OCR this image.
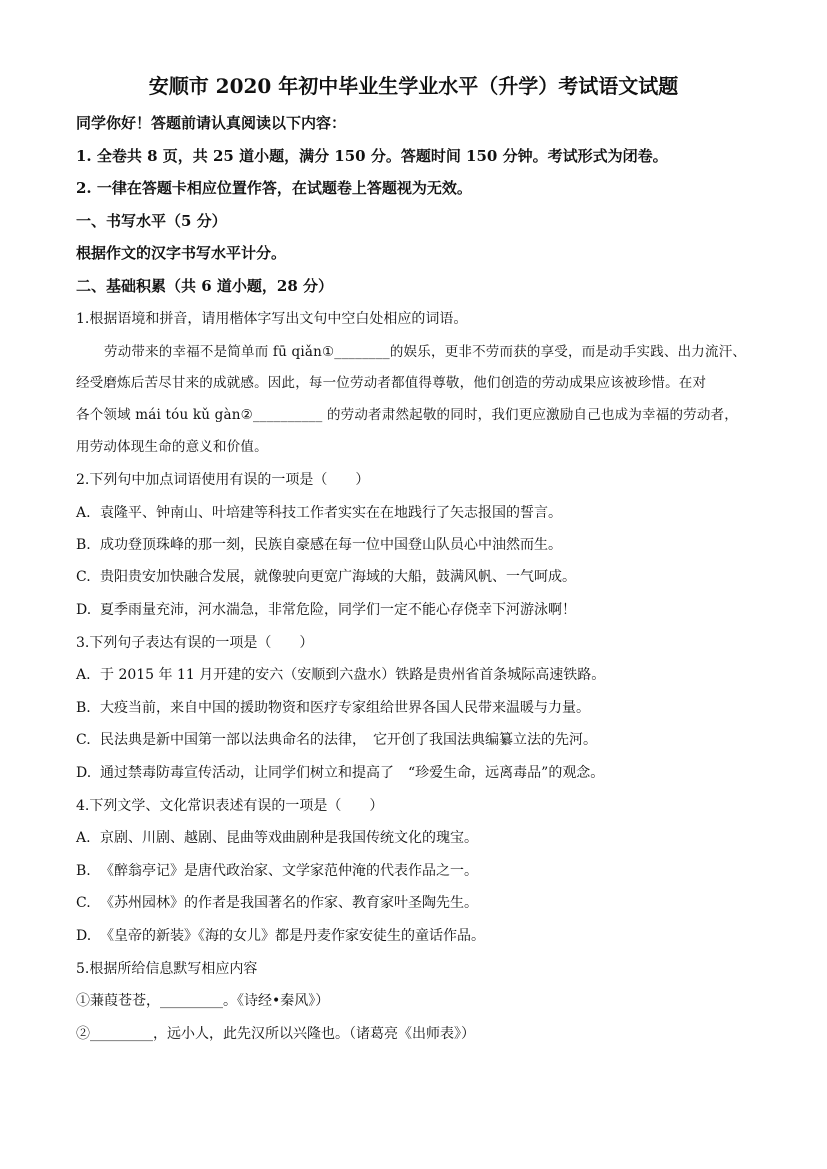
安顺市 2020 年初中毕业生学业水平（升学）考试语文试题
同学你好！答题前请认真阅读以下内容：
1. 全卷共 8 页，共 25 道小题，满分 150 分。答题时间 150 分钟。考试形式为闭卷。
2. 一律在答题卡相应位置作答，在试题卷上答题视为无效。
一、书写水平（5 分）
根据作文的汉字书写水平计分。
二、基础积累（共 6 道小题，28 分）
1.根据语境和拼音，请用楷体字写出文句中空白处相应的词语。
劳动带来的幸福不是简单而 fū qiǎn①________的娱乐，更非不劳而获的享受，而是动手实践、出力流汗、
经受磨炼后苦尽甘来的成就感。因此，每一位劳动者都值得尊敬，他们创造的劳动成果应该被珍惜。在对
各个领域 mái tóu kǔ gàn②__________ 的劳动者肃然起敬的同时，我们更应激励自己也成为幸福的劳动者，
用劳动体现生命的意义和价值。
2.下列句中加点词语使用有误的一项是（　　）
A. 袁隆平、钟南山、叶培建等科技工作者实实在在地践行了矢志报国的誓言。
B. 成功登顶珠峰的那一刻，民族自豪感在每一位中国登山队员心中油然而生。
C. 贵阳贵安加快融合发展，就像驶向更宽广海域的大船，鼓满风帆、一气呵成。
D. 夏季雨量充沛，河水湍急，非常危险，同学们一定不能心存侥幸下河游泳啊！
3.下列句子表达有误的一项是（　　）
A. 于 2015 年 11 月开建的安六（安顺到六盘水）铁路是贵州省首条城际高速铁路。
B. 大疫当前，来自中国的援助物资和医疗专家组给世界各国人民带来温暖与力量。
C. 民法典是新中国第一部以法典命名的法律，　它开创了我国法典编纂立法的先河。
D. 通过禁毒防毒宣传活动，让同学们树立和提高了　“珍爱生命，远离毒品”的观念。
4.下列文学、文化常识表述有误的一项是（　　）
A. 京剧、川剧、越剧、昆曲等戏曲剧种是我国传统文化的瑰宝。
B. 《醉翁亭记》是唐代政治家、文学家范仲淹的代表作品之一。
C. 《苏州园林》的作者是我国著名的作家、教育家叶圣陶先生。
D. 《皇帝的新装》《海的女儿》都是丹麦作家安徒生的童话作品。
5.根据所给信息默写相应内容
①蒹葭苍苍，_________。《诗经•秦风》）
②_________，远小人，此先汉所以兴隆也。（诸葛亮《出师表》）
